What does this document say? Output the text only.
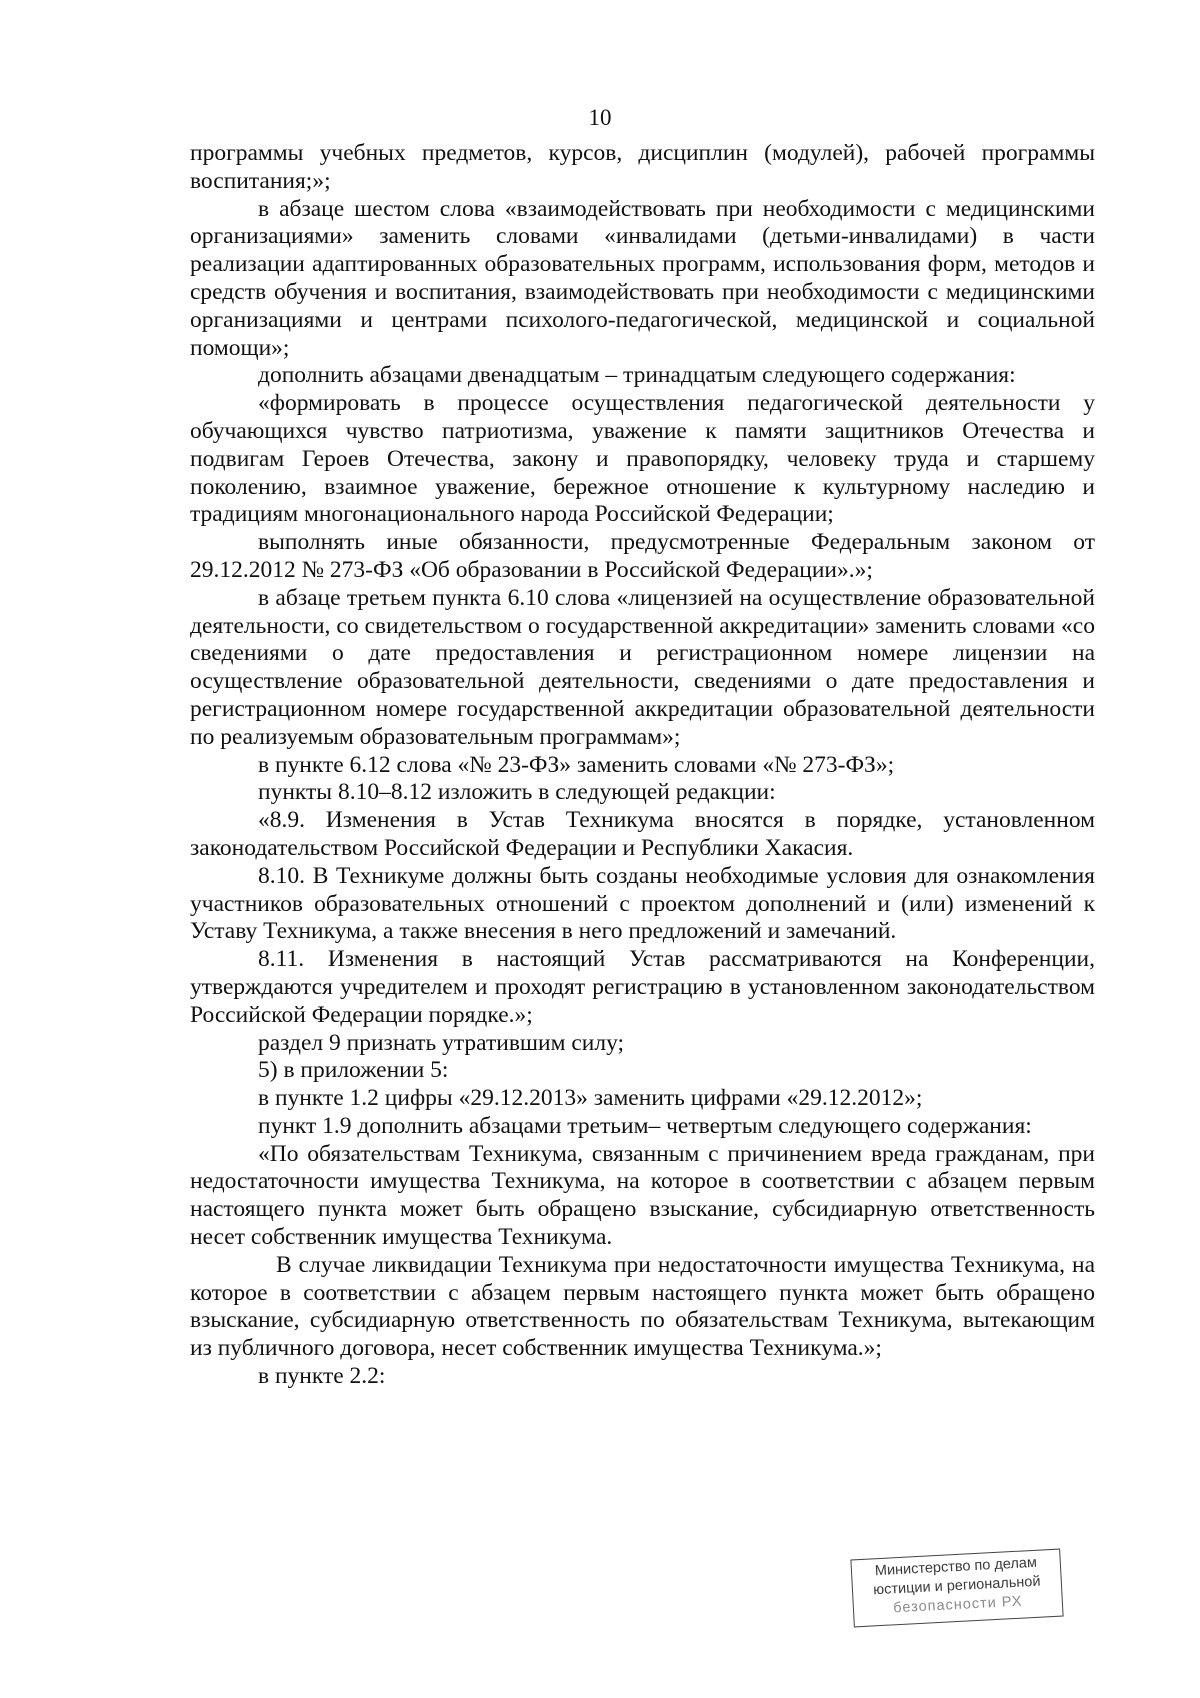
10

программы учебных предметов, курсов, дисциплин (модулей), рабочей программы воспитания;»;

в абзаце шестом слова «взаимодействовать при необходимости с медицинскими организациями» заменить словами «инвалидами (детьми-инвалидами) в части реализации адаптированных образовательных программ, использования форм, методов и средств обучения и воспитания, взаимодействовать при необходимости с медицинскими организациями и центрами психолого-педагогической, медицинской и социальной помощи»;

дополнить абзацами двенадцатым – тринадцатым следующего содержания:

«формировать в процессе осуществления педагогической деятельности у обучающихся чувство патриотизма, уважение к памяти защитников Отечества и подвигам Героев Отечества, закону и правопорядку, человеку труда и старшему поколению, взаимное уважение, бережное отношение к культурному наследию и традициям многонационального народа Российской Федерации;

выполнять иные обязанности, предусмотренные Федеральным законом от 29.12.2012 № 273-ФЗ «Об образовании в Российской Федерации».»;

в абзаце третьем пункта 6.10 слова «лицензией на осуществление образовательной деятельности, со свидетельством о государственной аккредитации» заменить словами «со сведениями о дате предоставления и регистрационном номере лицензии на осуществление образовательной деятельности, сведениями о дате предоставления и регистрационном номере государственной аккредитации образовательной деятельности по реализуемым образовательным программам»;

в пункте 6.12 слова «№ 23-ФЗ» заменить словами «№ 273-ФЗ»;

пункты 8.10–8.12 изложить в следующей редакции:

«8.9. Изменения в Устав Техникума вносятся в порядке, установленном законодательством Российской Федерации и Республики Хакасия.

8.10. В Техникуме должны быть созданы необходимые условия для ознакомления участников образовательных отношений с проектом дополнений и (или) изменений к Уставу Техникума, а также внесения в него предложений и замечаний.

8.11. Изменения в настоящий Устав рассматриваются на Конференции, утверждаются учредителем и проходят регистрацию в установленном законодательством Российской Федерации порядке.»;

раздел 9 признать утратившим силу;

5) в приложении 5:

в пункте 1.2 цифры «29.12.2013» заменить цифрами «29.12.2012»;

пункт 1.9 дополнить абзацами третьим– четвертым следующего содержания:

«По обязательствам Техникума, связанным с причинением вреда гражданам, при недостаточности имущества Техникума, на которое в соответствии с абзацем первым настоящего пункта может быть обращено взыскание, субсидиарную ответственность несет собственник имущества Техникума.

В случае ликвидации Техникума при недостаточности имущества Техникума, на которое в соответствии с абзацем первым настоящего пункта может быть обращено взыскание, субсидиарную ответственность по обязательствам Техникума, вытекающим из публичного договора, несет собственник имущества Техникума.»;

в пункте 2.2:

Министерство по делам
юстиции и региональной
безопасности РХ
